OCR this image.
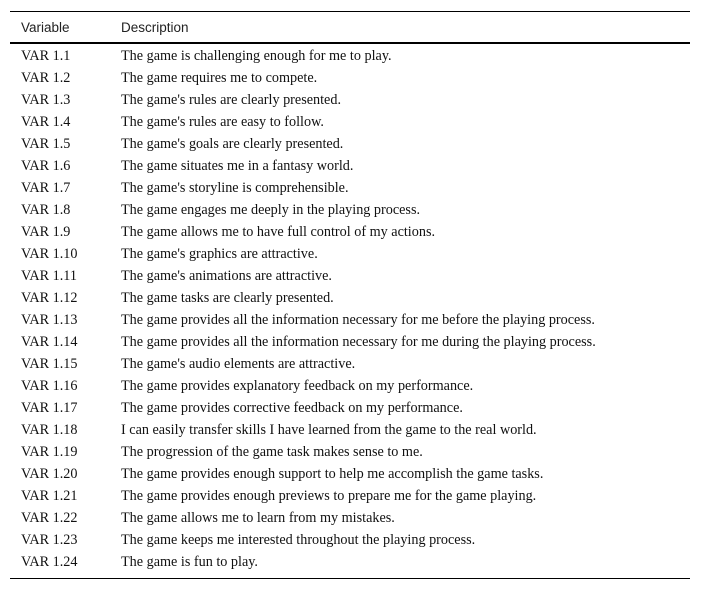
Variable	Description
VAR 1.1	The game is challenging enough for me to play.
VAR 1.2	The game requires me to compete.
VAR 1.3	The game's rules are clearly presented.
VAR 1.4	The game's rules are easy to follow.
VAR 1.5	The game's goals are clearly presented.
VAR 1.6	The game situates me in a fantasy world.
VAR 1.7	The game's storyline is comprehensible.
VAR 1.8	The game engages me deeply in the playing process.
VAR 1.9	The game allows me to have full control of my actions.
VAR 1.10	The game's graphics are attractive.
VAR 1.11	The game's animations are attractive.
VAR 1.12	The game tasks are clearly presented.
VAR 1.13	The game provides all the information necessary for me before the playing process.
VAR 1.14	The game provides all the information necessary for me during the playing process.
VAR 1.15	The game's audio elements are attractive.
VAR 1.16	The game provides explanatory feedback on my performance.
VAR 1.17	The game provides corrective feedback on my performance.
VAR 1.18	I can easily transfer skills I have learned from the game to the real world.
VAR 1.19	The progression of the game task makes sense to me.
VAR 1.20	The game provides enough support to help me accomplish the game tasks.
VAR 1.21	The game provides enough previews to prepare me for the game playing.
VAR 1.22	The game allows me to learn from my mistakes.
VAR 1.23	The game keeps me interested throughout the playing process.
VAR 1.24	The game is fun to play.
